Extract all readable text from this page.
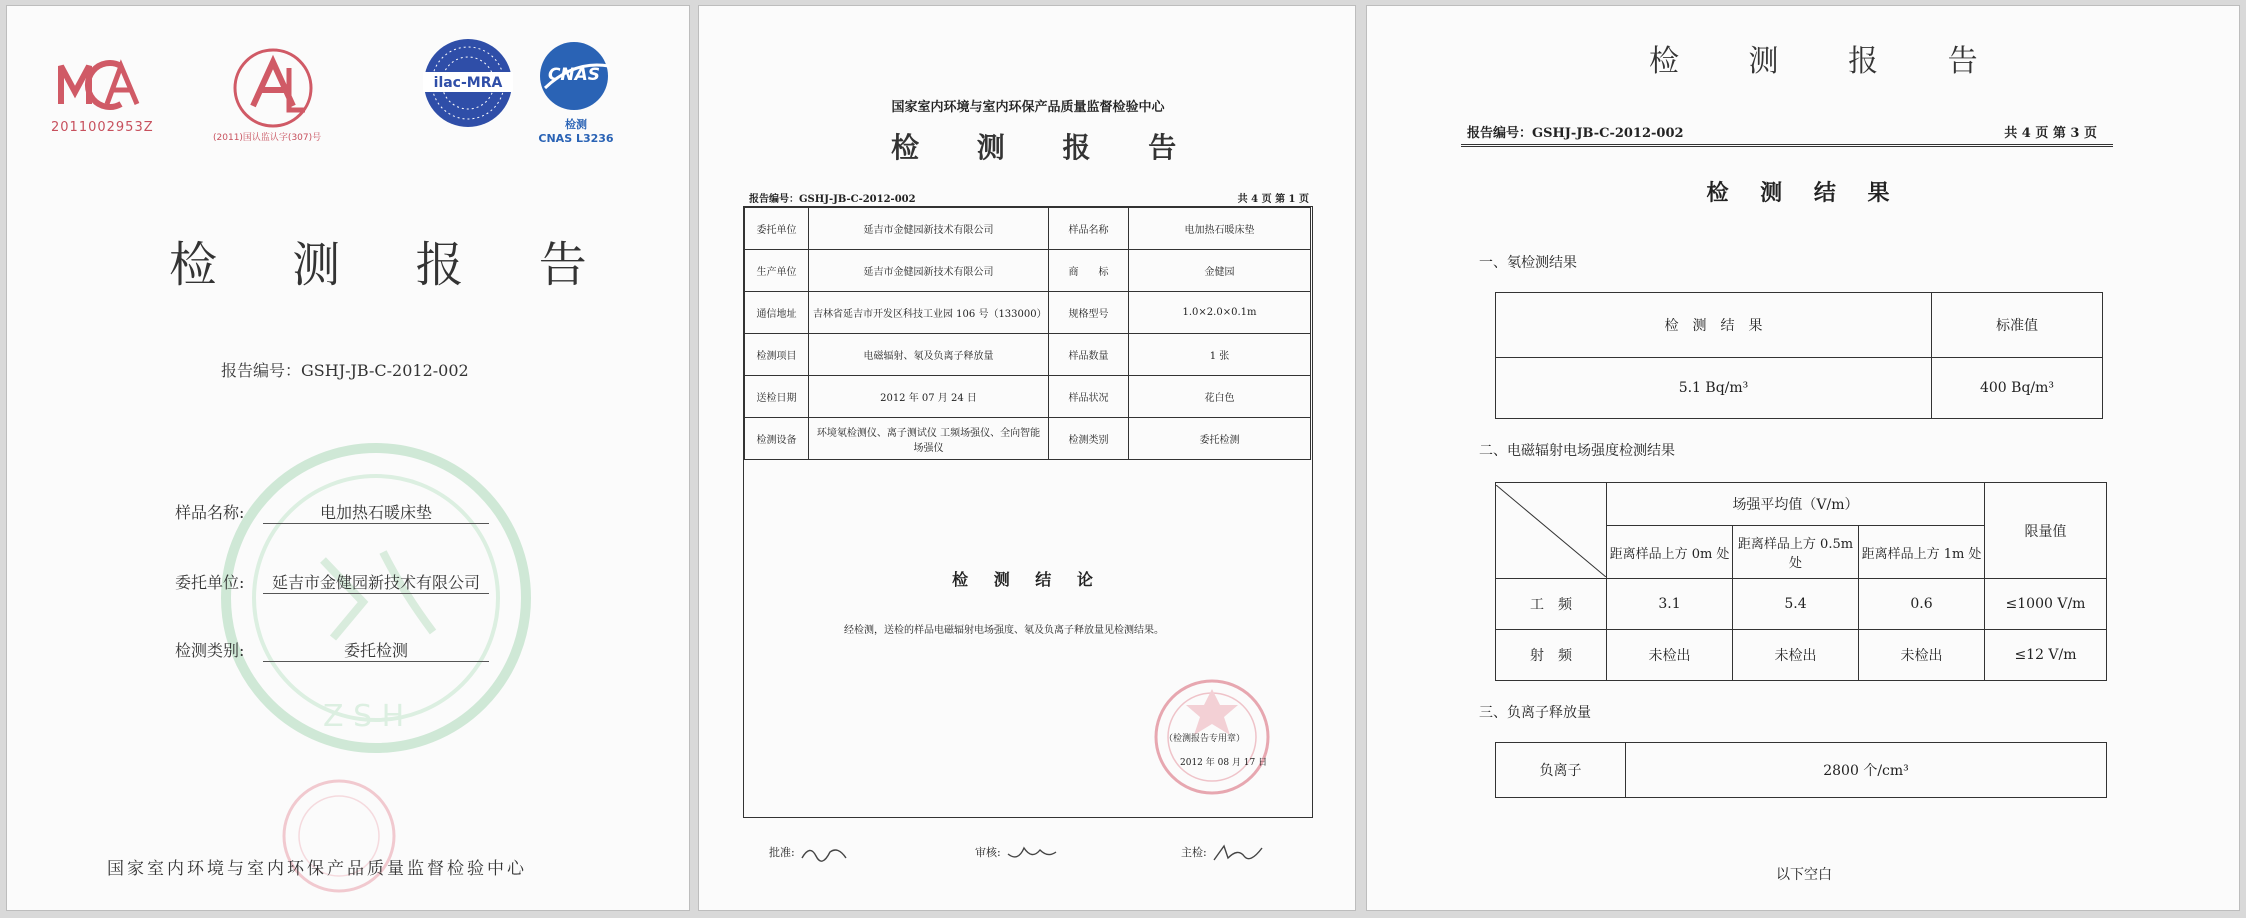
2011002953Z
(2011)国认监认字(307)号
ilac-MRA	CNAS
检测
CNAS L3236
Z S H
检 测 报 告
报告编号：GSHJ-JB-C-2012-002
样品名称:	电加热石暖床垫
委托单位:	延吉市金健园新技术有限公司
检测类别:	委托检测
国家室内环境与室内环保产品质量监督检验中心
国家室内环境与室内环保产品质量监督检验中心
检 测 报 告
报告编号：GSHJ-JB-C-2012-002	共 4 页 第 1 页
委托单位	延吉市金健园新技术有限公司	样品名称	电加热石暖床垫
生产单位	延吉市金健园新技术有限公司	商　　标	金健园
通信地址	吉林省延吉市开发区科技工业园 106 号（133000）	规格型号	1.0×2.0×0.1m
检测项目	电磁辐射、氡及负离子释放量	样品数量	1 张
送检日期	2012 年 07 月 24 日	样品状况	花白色
检测设备	环境氡检测仪、离子测试仪 工频场强仪、全向智能场强仪	检测类别	委托检测
检 测 结 论
经检测，送检的样品电磁辐射电场强度、氡及负离子释放量见检测结果。
（检测报告专用章）
2012 年 08 月 17 日
批准:	审核:	主检:
检 测 报 告
报告编号：GSHJ-JB-C-2012-002	共 4 页 第 3 页
检 测 结 果
一、氡检测结果
检　测　结　果	标准值
5.1 Bq/m³	400 Bq/m³
二、电磁辐射电场强度检测结果
	场强平均值（V/m）			限量值
	距离样品上方 0m 处	距离样品上方 0.5m 处	距离样品上方 1m 处	
工　频	3.1	5.4	0.6	≤1000 V/m
射　频	未检出	未检出	未检出	≤12 V/m
三、负离子释放量
负离子	2800 个/cm³
以下空白
